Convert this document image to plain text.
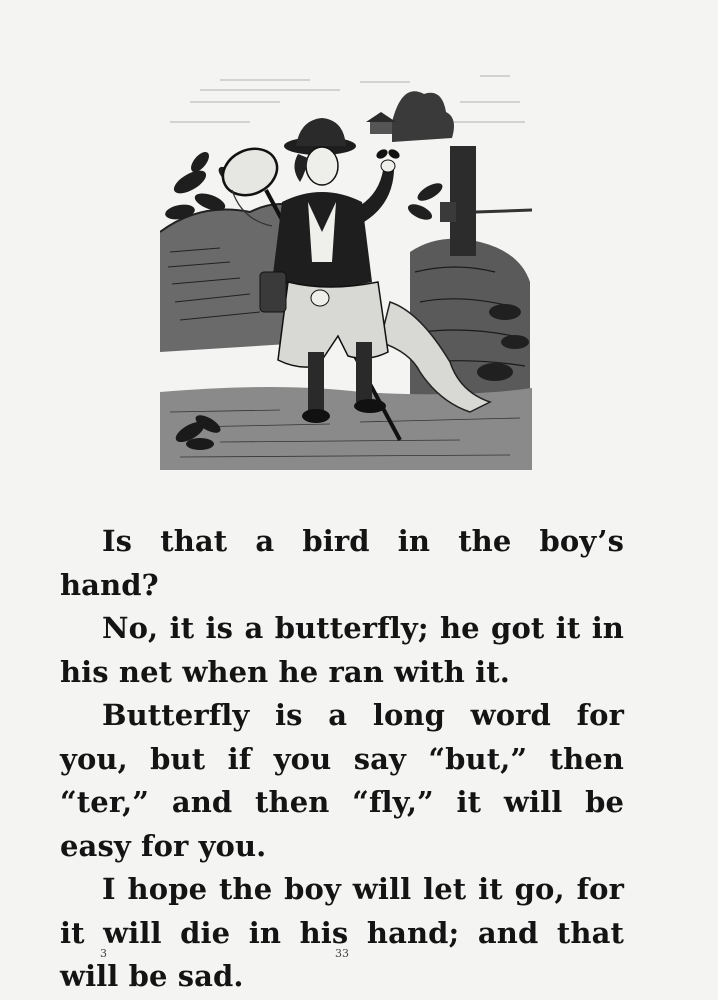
Is that a bird in the boy’s hand?

No, it is a butterfly; he got it in his net when he ran with it.

Butterfly is a long word for you, but if you say “but,” then “ter,” and then “fly,” it will be easy for you.

I hope the boy will let it go, for it will die in his hand; and that will be sad.

3	33
